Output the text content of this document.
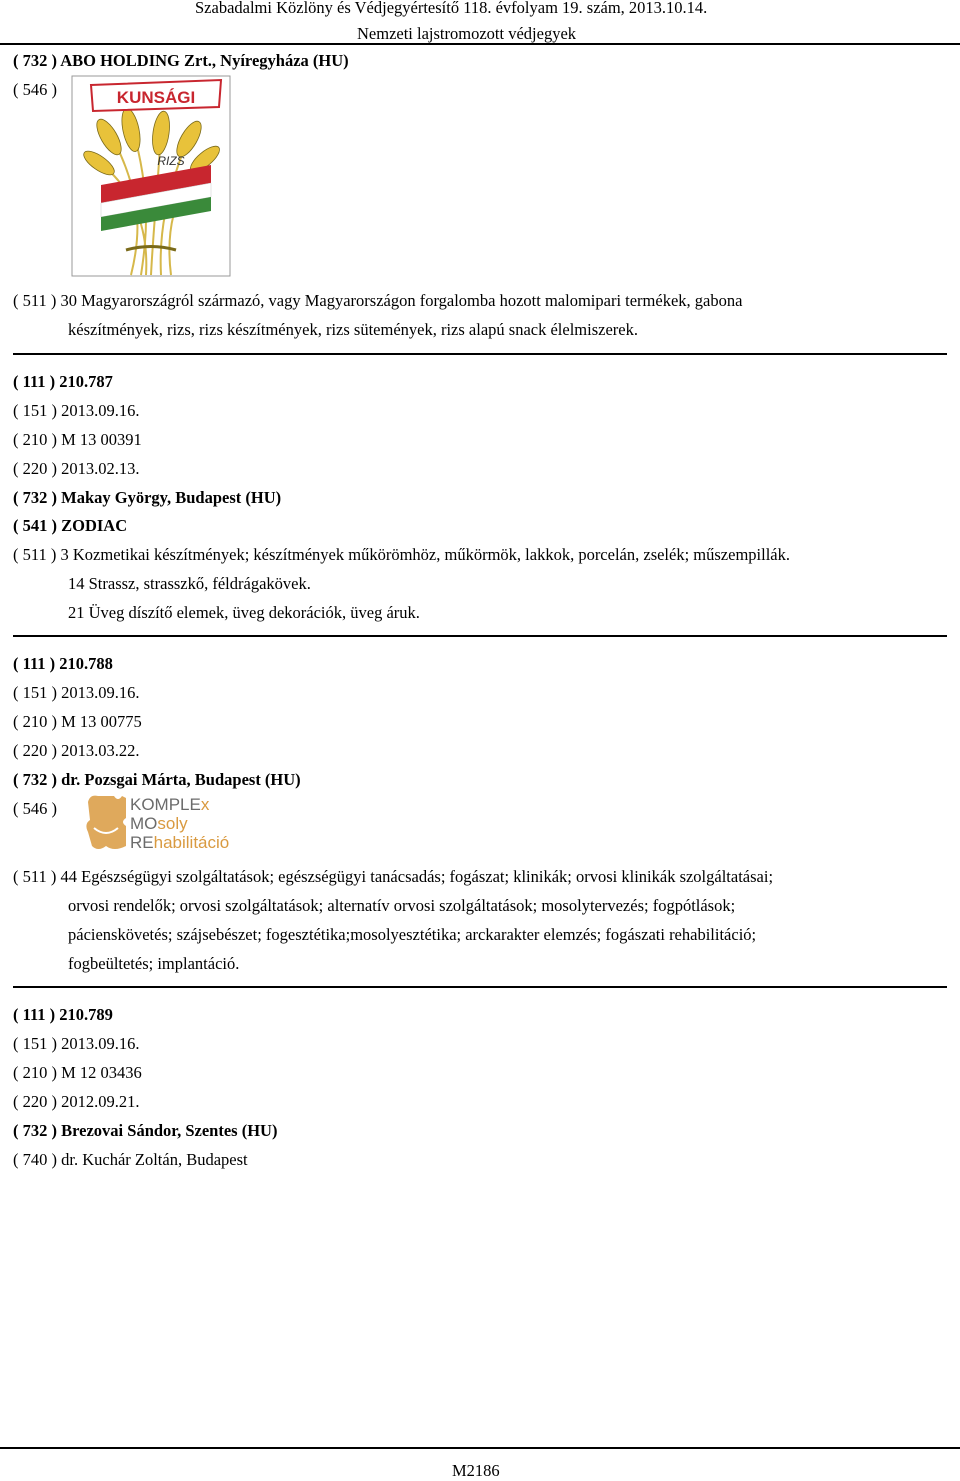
Szabadalmi Közlöny és Védjegyértesítő 118. évfolyam 19. szám, 2013.10.14.
Nemzeti lajstromozott védjegyek
( 732 ) ABO HOLDING Zrt., Nyíregyháza (HU)
( 546 )	KUNSÁGI
RIZS
( 511 ) 30 Magyarországról származó, vagy Magyarországon forgalomba hozott malomipari termékek, gabona
készítmények, rizs, rizs készítmények, rizs sütemények, rizs alapú snack élelmiszerek.
( 111 ) 210.787
( 151 ) 2013.09.16.
( 210 ) M 13 00391
( 220 ) 2013.02.13.
( 732 ) Makay György, Budapest (HU)
( 541 ) ZODIAC
( 511 ) 3 Kozmetikai készítmények; készítmények műkörömhöz, műkörmök, lakkok, porcelán, zselék; műszempillák.
14 Strassz, strasszkő, féldrágakövek.
21 Üveg díszítő elemek, üveg dekorációk, üveg áruk.
( 111 ) 210.788
( 151 ) 2013.09.16.
( 210 ) M 13 00775
( 220 ) 2013.03.22.
( 732 ) dr. Pozsgai Márta, Budapest (HU)
( 546 )	KOMPLEx
MOsoly
REhabilitáció
( 511 ) 44 Egészségügyi szolgáltatások; egészségügyi tanácsadás; fogászat; klinikák; orvosi klinikák szolgáltatásai;
orvosi rendelők; orvosi szolgáltatások; alternatív orvosi szolgáltatások; mosolytervezés; fogpótlások;
pácienskövetés; szájsebészet; fogesztétika;mosolyesztétika; arckarakter elemzés; fogászati rehabilitáció;
fogbeültetés; implantáció.
( 111 ) 210.789
( 151 ) 2013.09.16.
( 210 ) M 12 03436
( 220 ) 2012.09.21.
( 732 ) Brezovai Sándor, Szentes (HU)
( 740 ) dr. Kuchár Zoltán, Budapest
M2186
